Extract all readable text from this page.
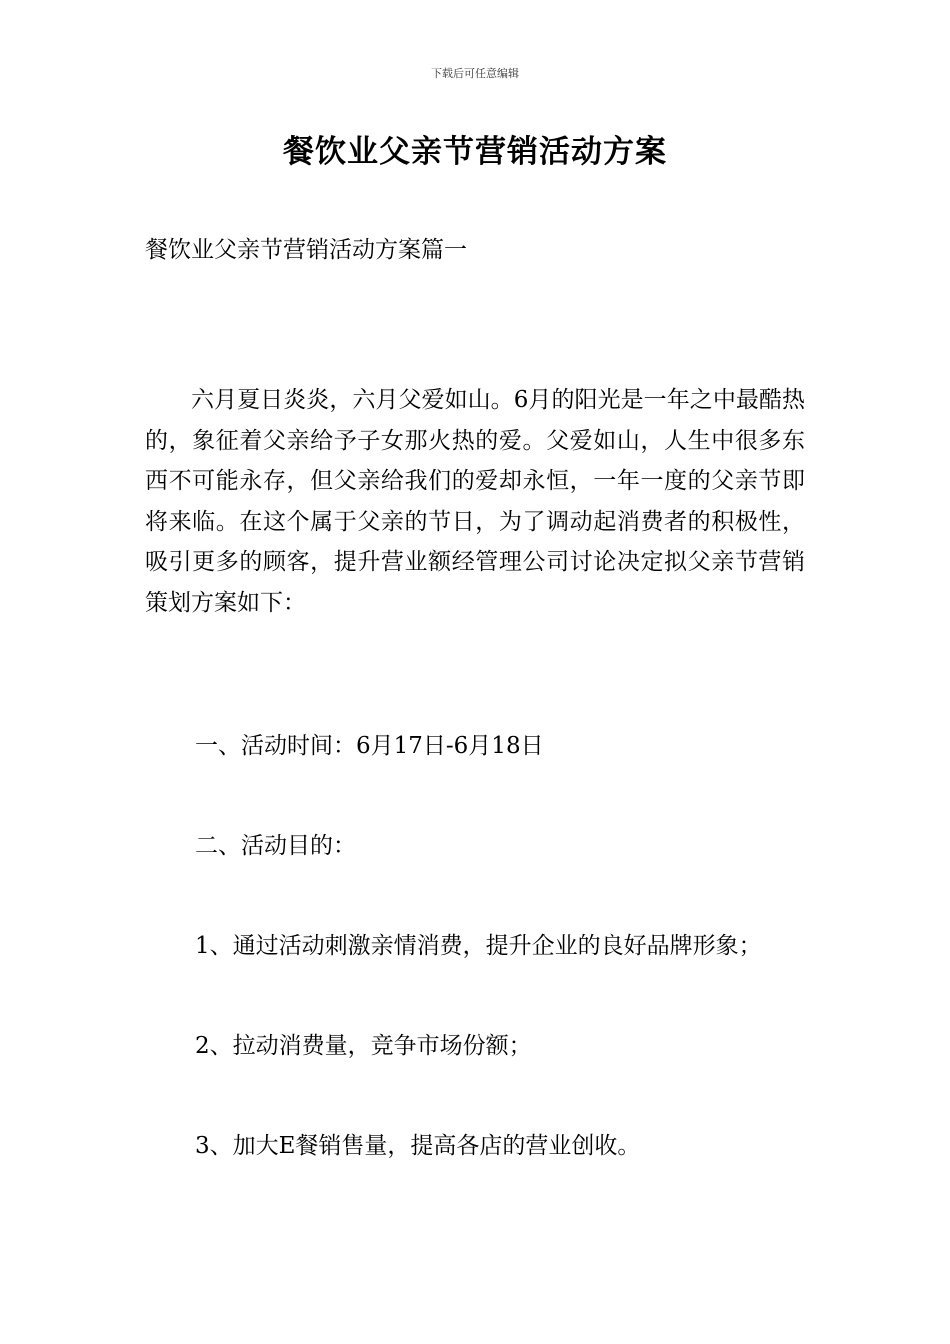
下载后可任意编辑
餐饮业父亲节营销活动方案
餐饮业父亲节营销活动方案篇一

六月夏日炎炎，六月父爱如山。6月的阳光是一年之中最酷热的，象征着父亲给予子女那火热的爱。父爱如山，人生中很多东西不可能永存，但父亲给我们的爱却永恒，一年一度的父亲节即将来临。在这个属于父亲的节日，为了调动起消费者的积极性，吸引更多的顾客，提升营业额经管理公司讨论决定拟父亲节营销策划方案如下：

一、活动时间：6月17日-6月18日
二、活动目的：
1、通过活动刺激亲情消费，提升企业的良好品牌形象；
2、拉动消费量，竞争市场份额；
3、加大E餐销售量，提高各店的营业创收。
